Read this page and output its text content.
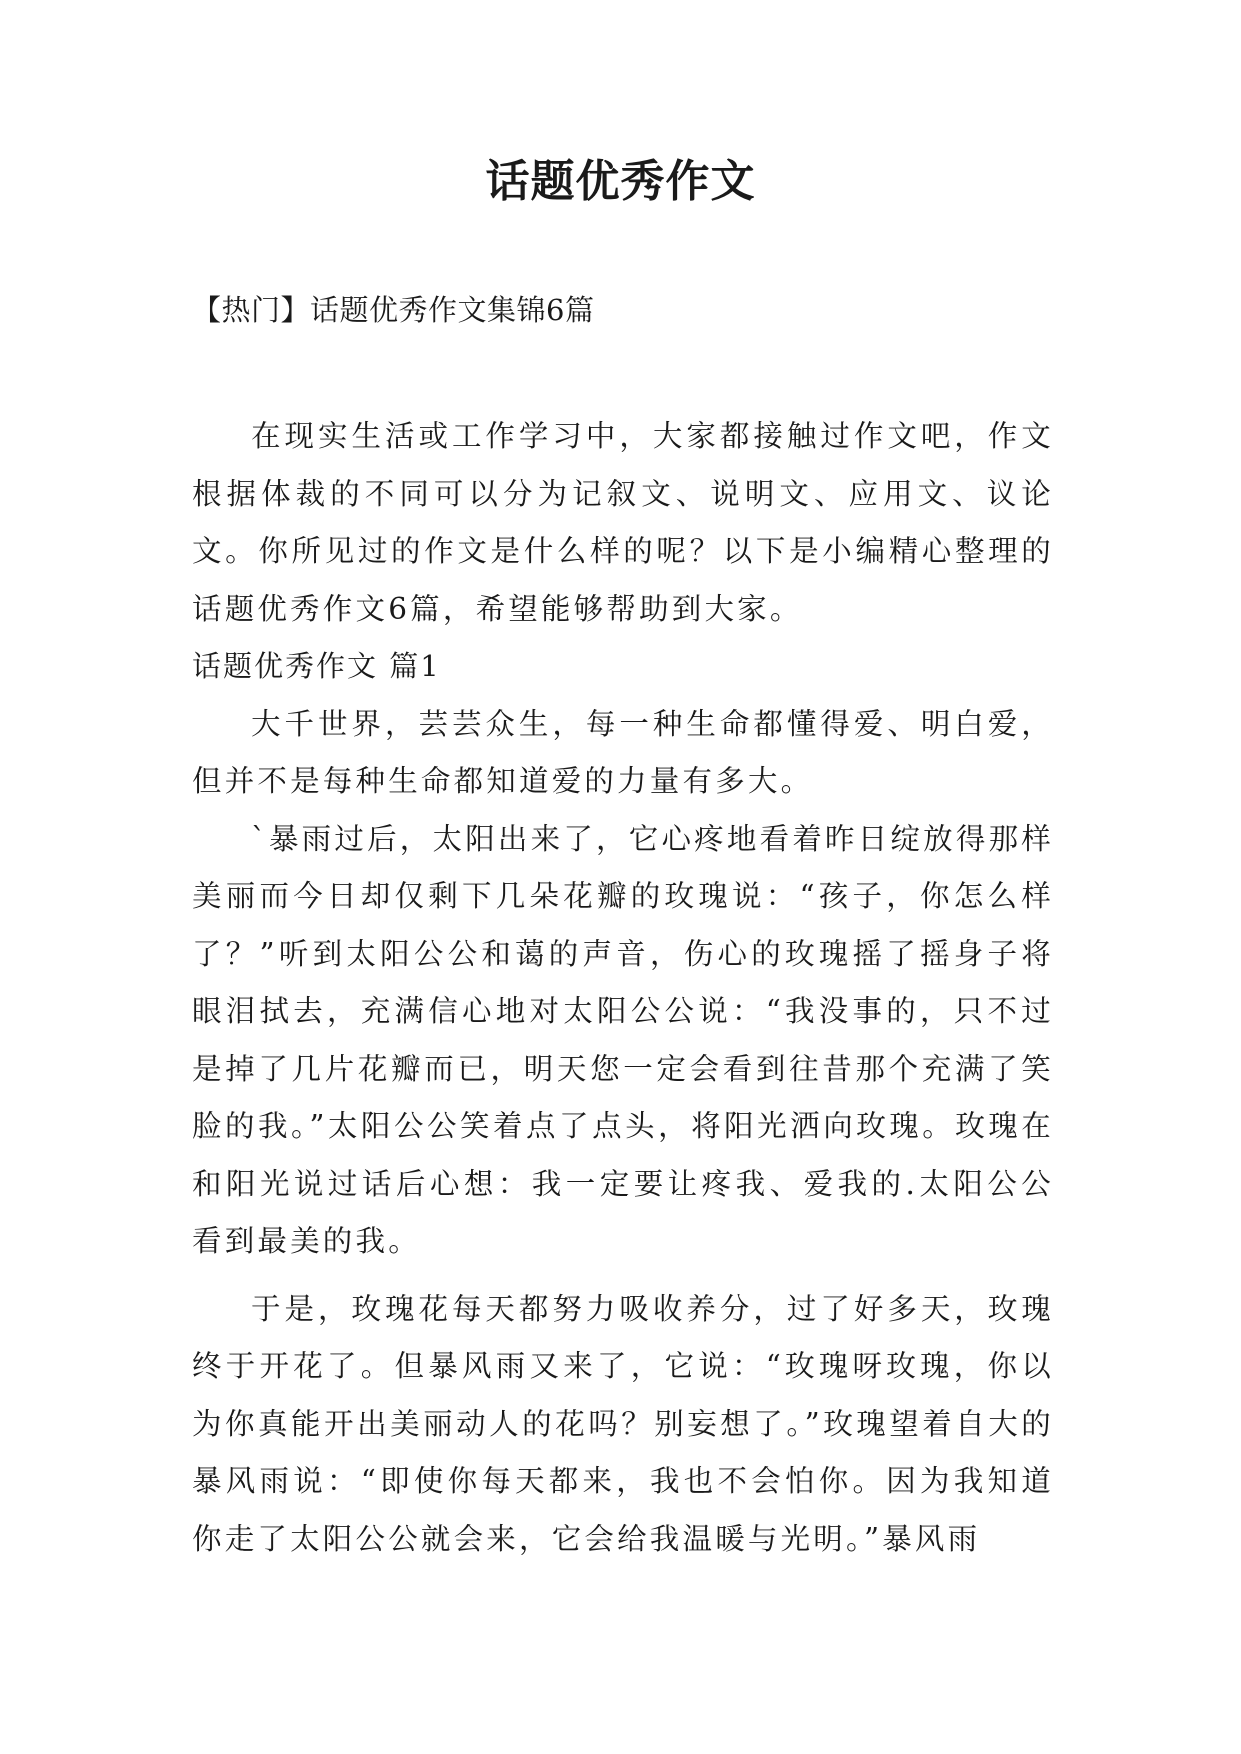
话题优秀作文

【热门】话题优秀作文集锦6篇

在现实生活或工作学习中，大家都接触过作文吧，作文根据体裁的不同可以分为记叙文、说明文、应用文、议论文。你所见过的作文是什么样的呢？以下是小编精心整理的话题优秀作文6篇，希望能够帮助到大家。

话题优秀作文 篇1

大千世界，芸芸众生，每一种生命都懂得爱、明白爱，但并不是每种生命都知道爱的力量有多大。

`暴雨过后，太阳出来了，它心疼地看着昨日绽放得那样美丽而今日却仅剩下几朵花瓣的玫瑰说：“孩子，你怎么样了？”听到太阳公公和蔼的声音，伤心的玫瑰摇了摇身子将眼泪拭去，充满信心地对太阳公公说：“我没事的，只不过是掉了几片花瓣而已，明天您一定会看到往昔那个充满了笑脸的我。”太阳公公笑着点了点头，将阳光洒向玫瑰。玫瑰在和阳光说过话后心想：我一定要让疼我、爱我的.太阳公公看到最美的我。

于是，玫瑰花每天都努力吸收养分，过了好多天，玫瑰终于开花了。但暴风雨又来了，它说：“玫瑰呀玫瑰，你以为你真能开出美丽动人的花吗？别妄想了。”玫瑰望着自大的暴风雨说：“即使你每天都来，我也不会怕你。因为我知道你走了太阳公公就会来，它会给我温暖与光明。”暴风雨
